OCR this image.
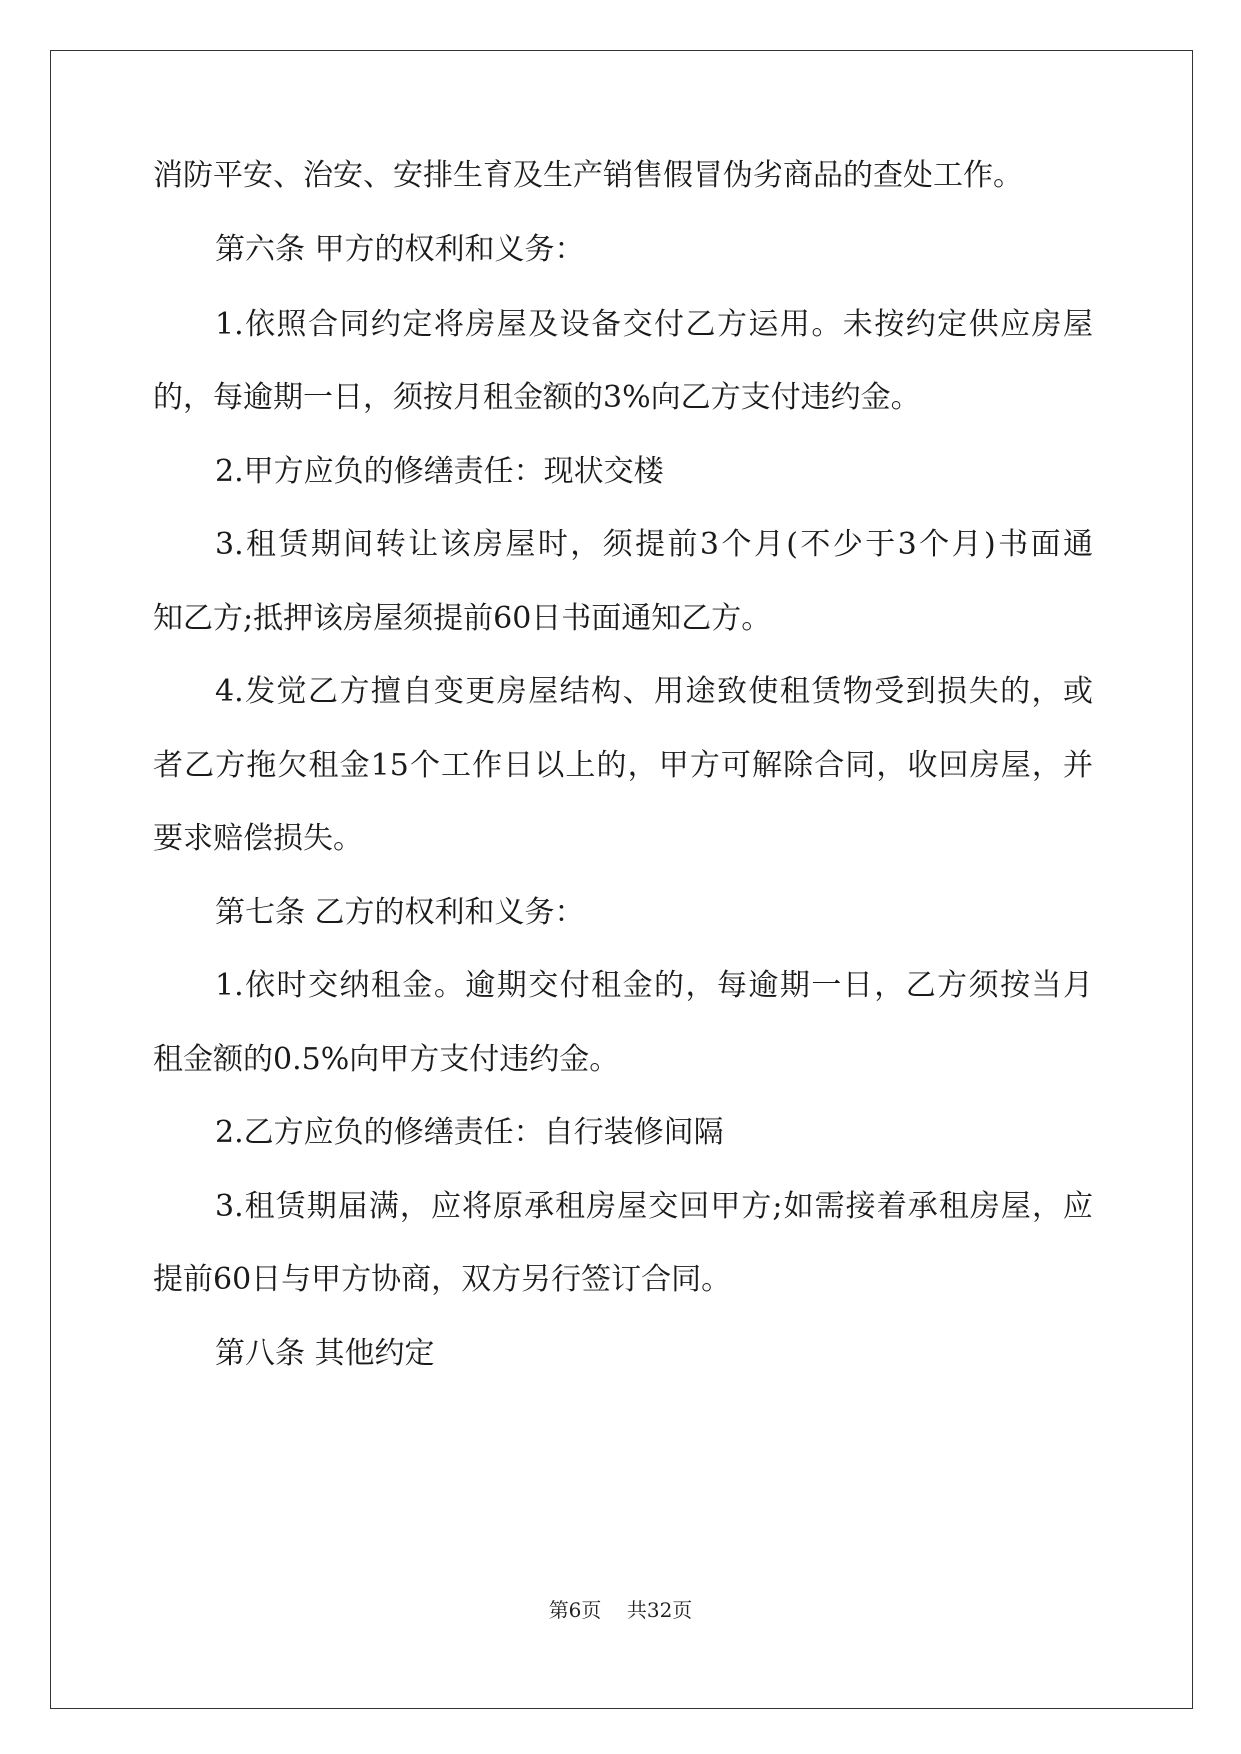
消防平安、治安、安排生育及生产销售假冒伪劣商品的查处工作。
第六条 甲方的权利和义务：
1.依照合同约定将房屋及设备交付乙方运用。未按约定供应房屋
的，每逾期一日，须按月租金额的3%向乙方支付违约金。
2.甲方应负的修缮责任：现状交楼
3.租赁期间转让该房屋时，须提前3个月(不少于3个月)书面通
知乙方;抵押该房屋须提前60日书面通知乙方。
4.发觉乙方擅自变更房屋结构、用途致使租赁物受到损失的，或
者乙方拖欠租金15个工作日以上的，甲方可解除合同，收回房屋，并
要求赔偿损失。
第七条 乙方的权利和义务：
1.依时交纳租金。逾期交付租金的，每逾期一日，乙方须按当月
租金额的0.5%向甲方支付违约金。
2.乙方应负的修缮责任：自行装修间隔
3.租赁期届满，应将原承租房屋交回甲方;如需接着承租房屋，应
提前60日与甲方协商，双方另行签订合同。
第八条 其他约定
第6页 共32页
